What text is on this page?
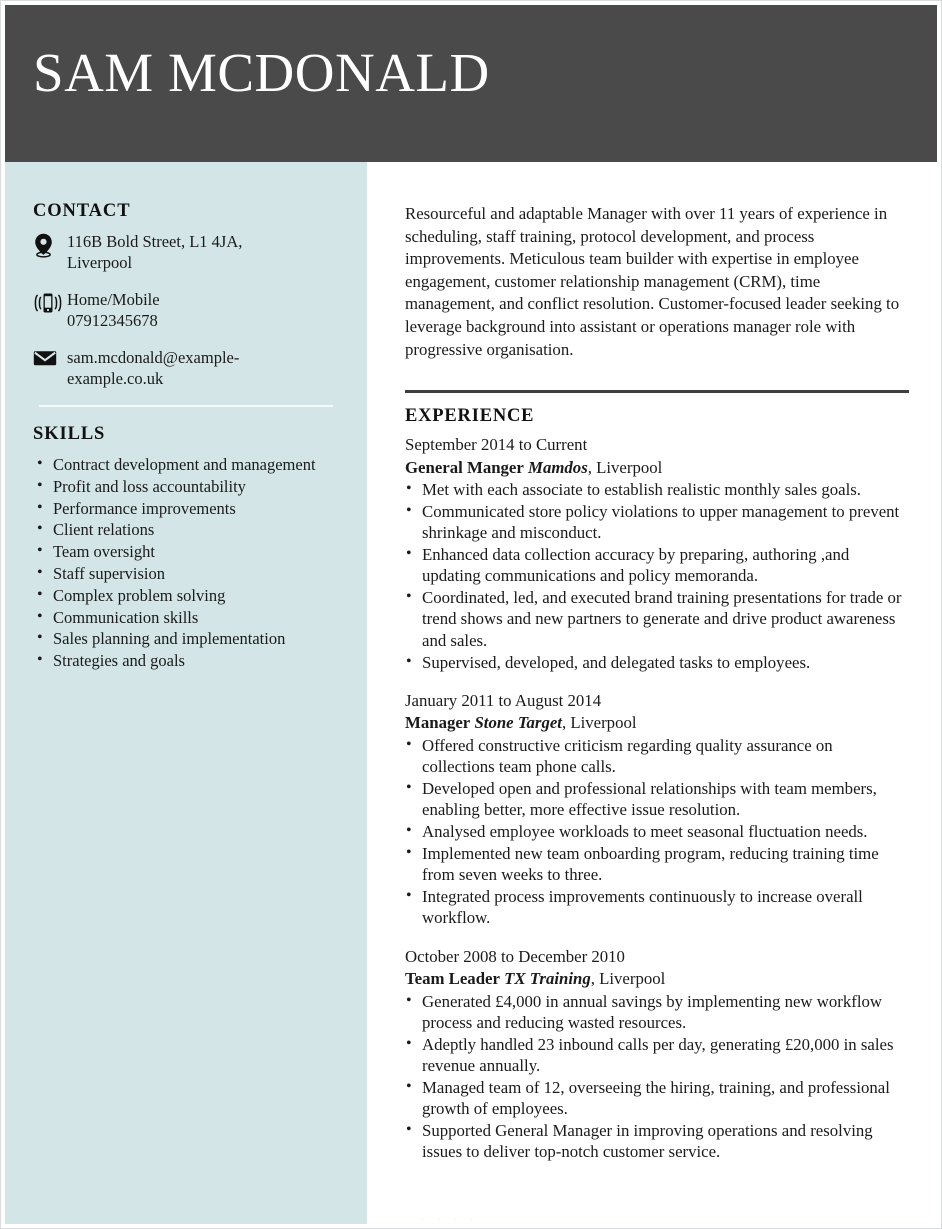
SAM MCDONALD
CONTACT
116B Bold Street, L1 4JA,
Liverpool
Home/Mobile
07912345678
sam.mcdonald@example-
example.co.uk
SKILLS
• Contract development and management
• Profit and loss accountability
• Performance improvements
• Client relations
• Team oversight
• Staff supervision
• Complex problem solving
• Communication skills
• Sales planning and implementation
• Strategies and goals

Resourceful and adaptable Manager with over 11 years of experience in scheduling, staff training, protocol development, and process improvements. Meticulous team builder with expertise in employee engagement, customer relationship management (CRM), time management, and conflict resolution. Customer-focused leader seeking to leverage background into assistant or operations manager role with progressive organisation.

EXPERIENCE
September 2014 to Current
General Manger Mamdos, Liverpool
• Met with each associate to establish realistic monthly sales goals.
• Communicated store policy violations to upper management to prevent shrinkage and misconduct.
• Enhanced data collection accuracy by preparing, authoring ,and updating communications and policy memoranda.
• Coordinated, led, and executed brand training presentations for trade or trend shows and new partners to generate and drive product awareness and sales.
• Supervised, developed, and delegated tasks to employees.
January 2011 to August 2014
Manager Stone Target, Liverpool
• Offered constructive criticism regarding quality assurance on collections team phone calls.
• Developed open and professional relationships with team members, enabling better, more effective issue resolution.
• Analysed employee workloads to meet seasonal fluctuation needs.
• Implemented new team onboarding program, reducing training time from seven weeks to three.
• Integrated process improvements continuously to increase overall workflow.
October 2008 to December 2010
Team Leader TX Training, Liverpool
• Generated £4,000 in annual savings by implementing new workflow process and reducing wasted resources.
• Adeptly handled 23 inbound calls per day, generating £20,000 in sales revenue annually.
• Managed team of 12, overseeing the hiring, training, and professional growth of employees.
• Supported General Manager in improving operations and resolving issues to deliver top-notch customer service.
. . . .
